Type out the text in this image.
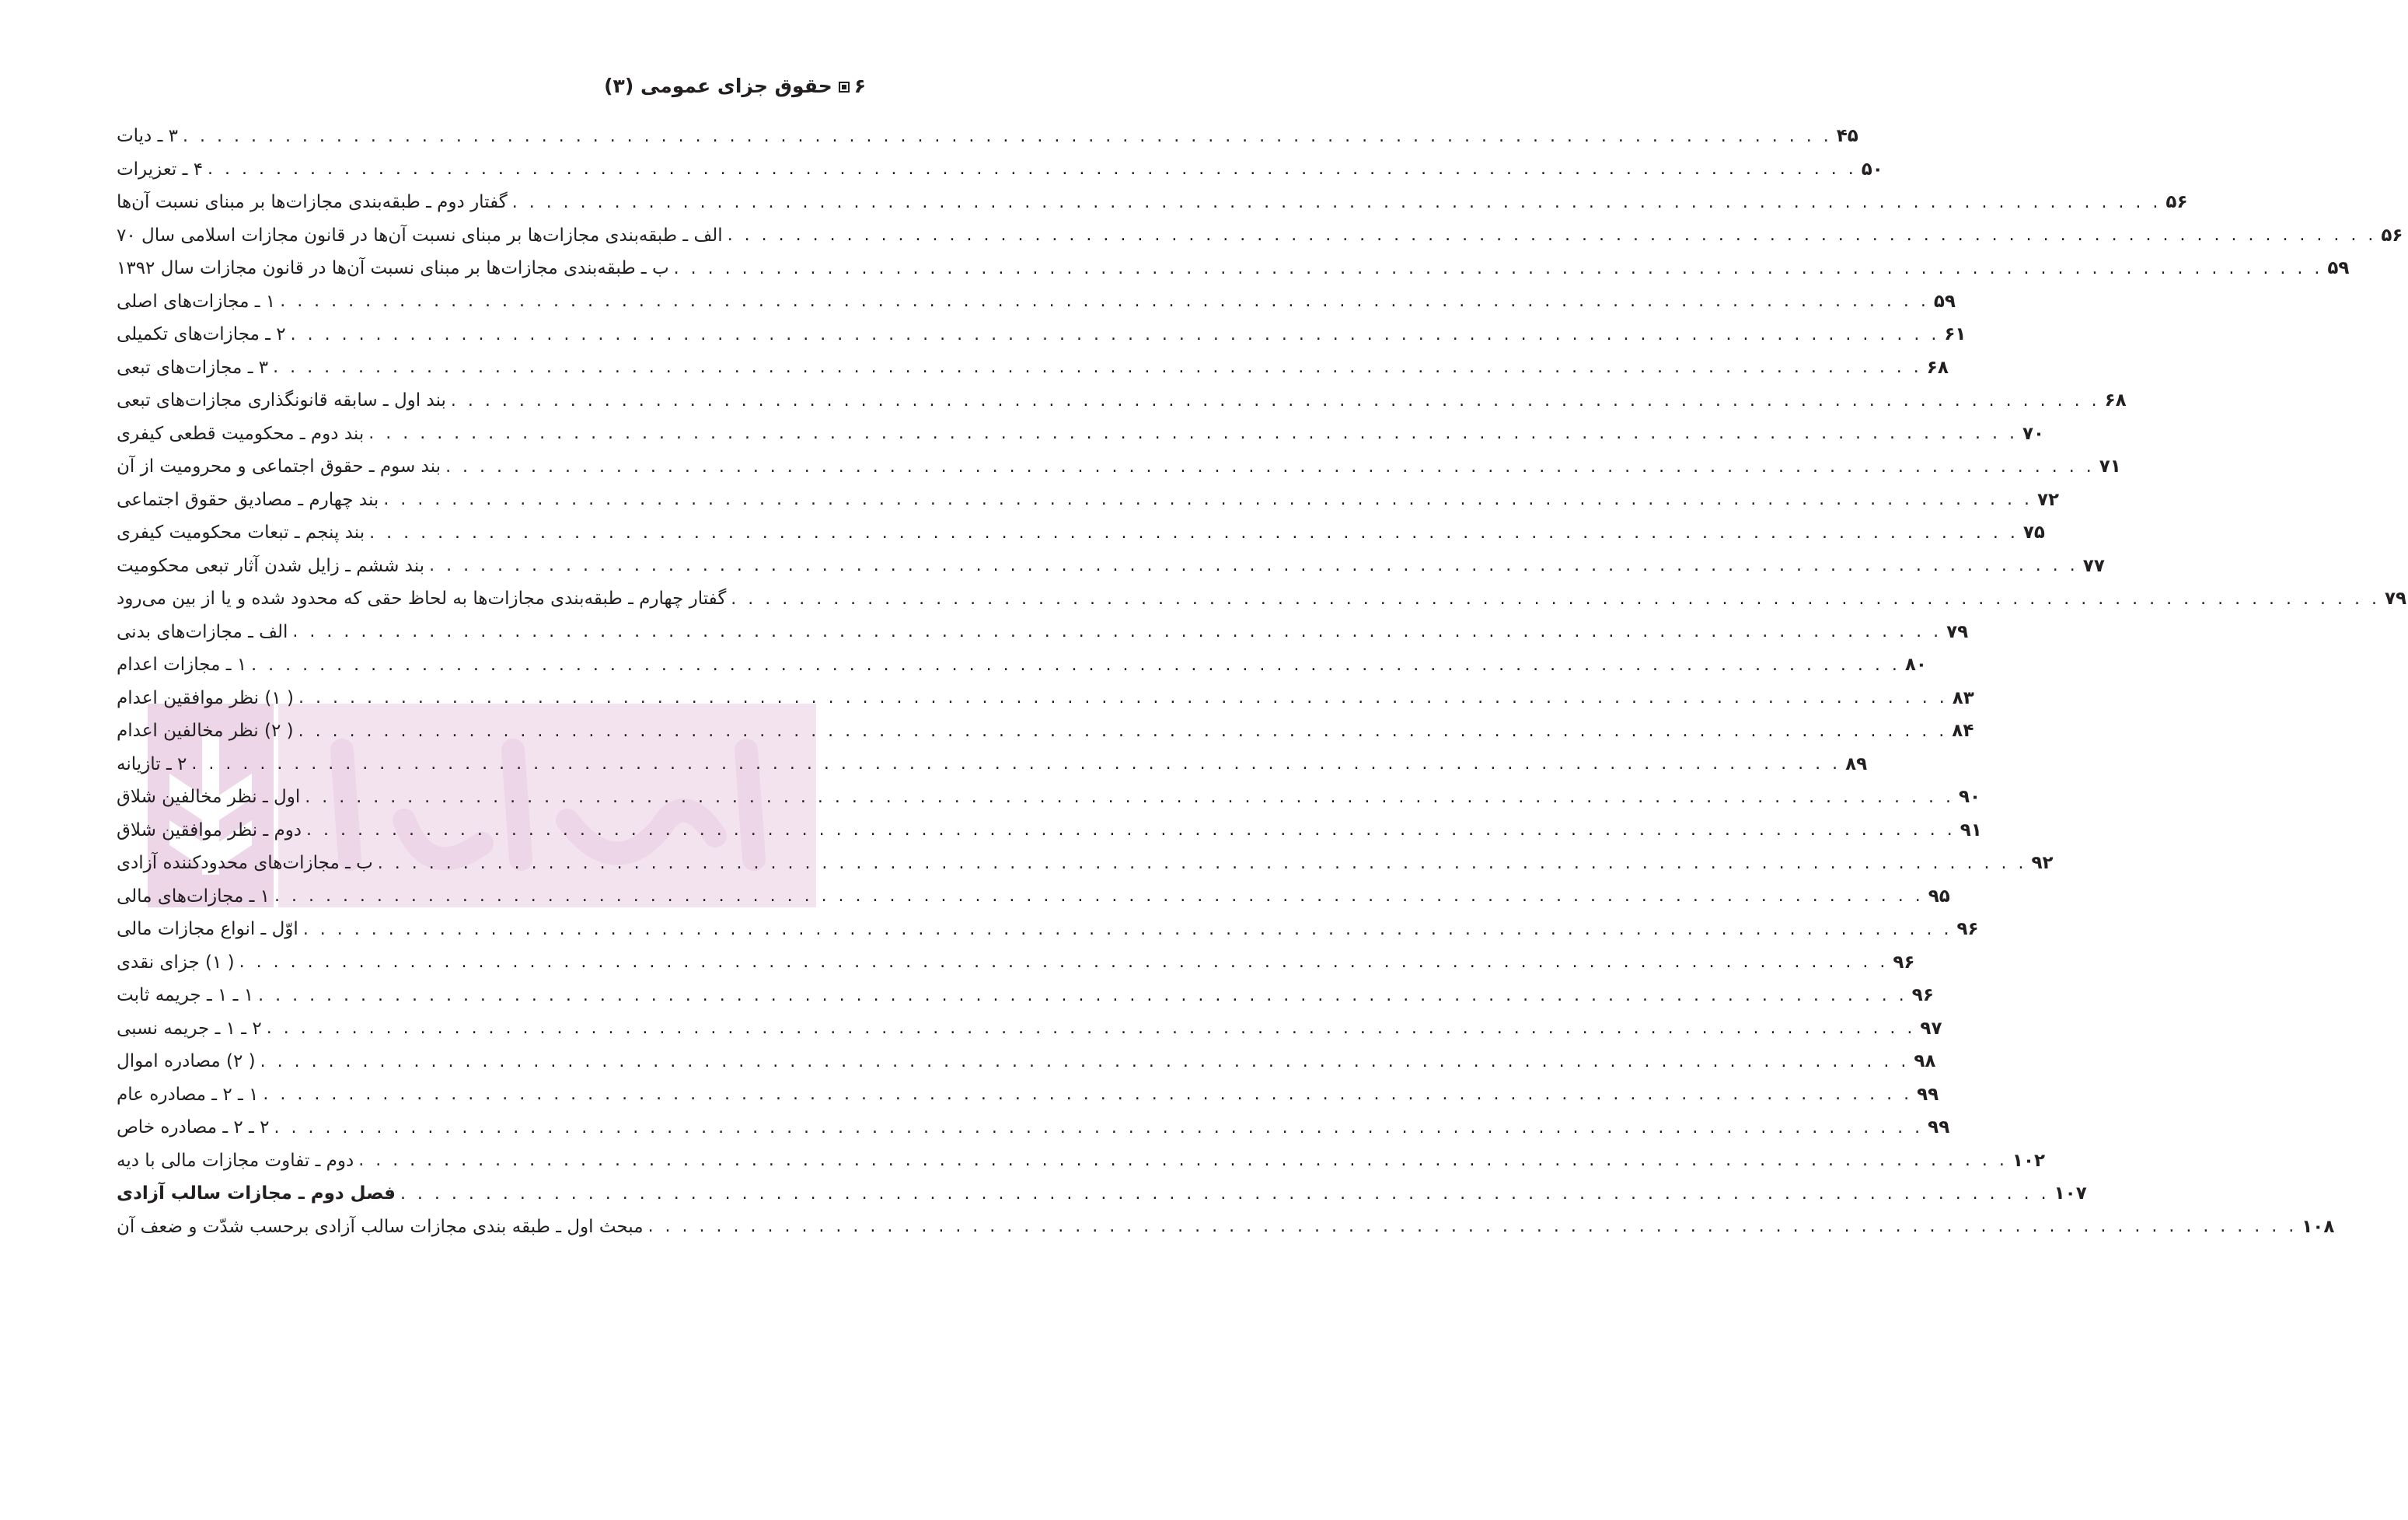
۶حقوق جزای عمومی (۳)
۳ ـ دیات . . .	۴۵
۴ ـ تعزیرات . . .	۵۰
گفتار دوم ـ طبقه‌بندی مجازات‌ها بر مبنای نسبت آن‌ها . . .	۵۶
الف ـ طبقه‌بندی مجازات‌ها بر مبنای نسبت آن‌ها در قانون مجازات اسلامی سال ۷۰ . . .	۵۶
ب ـ طبقه‌بندی مجازات‌ها بر مبنای نسبت آن‌ها در قانون مجازات سال ۱۳۹۲ . . .	۵۹
۱ ـ مجازات‌های اصلی . . .	۵۹
۲ ـ مجازات‌های تکمیلی . . .	۶۱
۳ ـ مجازات‌های تبعی . . .	۶۸
بند اول ـ سابقه قانونگذاری مجازات‌های تبعی . . .	۶۸
بند دوم ـ محکومیت قطعی کیفری . . .	۷۰
بند سوم ـ حقوق اجتماعی و محرومیت از آن . . .	۷۱
بند چهارم ـ مصادیق حقوق اجتماعی . . .	۷۲
بند پنجم ـ تبعات محکومیت کیفری . . .	۷۵
بند ششم ـ زایل شدن آثار تبعی محکومیت . . .	۷۷
گفتار چهارم ـ طبقه‌بندی مجازات‌ها به لحاظ حقی که محدود شده و یا از بین می‌رود . . .	۷۹
الف ـ مجازات‌های بدنی . . .	۷۹
۱ ـ مجازات اعدام . . .	۸۰
( ۱) نظر موافقین اعدام . . .	۸۳
( ۲) نظر مخالفین اعدام . . .	۸۴
۲ ـ تازیانه . . .	۸۹
اول ـ نظر مخالفین شلاق . . .	۹۰
دوم ـ نظر موافقین شلاق . . .	۹۱
ب ـ مجازات‌های محدودکننده آزادی . . .	۹۲
۱ ـ مجازات‌های مالی . . .	۹۵
اوّل ـ انواع مجازات مالی . . .	۹۶
( ۱) جزای نقدی . . .	۹۶
۱ ـ ۱ ـ جریمه ثابت . . .	۹۶
۲ ـ ۱ ـ جریمه نسبی . . .	۹۷
( ۲) مصادره اموال . . .	۹۸
۱ ـ ۲ ـ مصادره عام . . .	۹۹
۲ ـ ۲ ـ مصادره خاص . . .	۹۹
دوم ـ تفاوت مجازات مالی با دیه . . .	۱۰۲
فصل دوم ـ مجازات سالب آزادی . . .	۱۰۷
مبحث اول ـ طبقه بندی مجازات سالب آزادی برحسب شدّت و ضعف آن . . .	۱۰۸
